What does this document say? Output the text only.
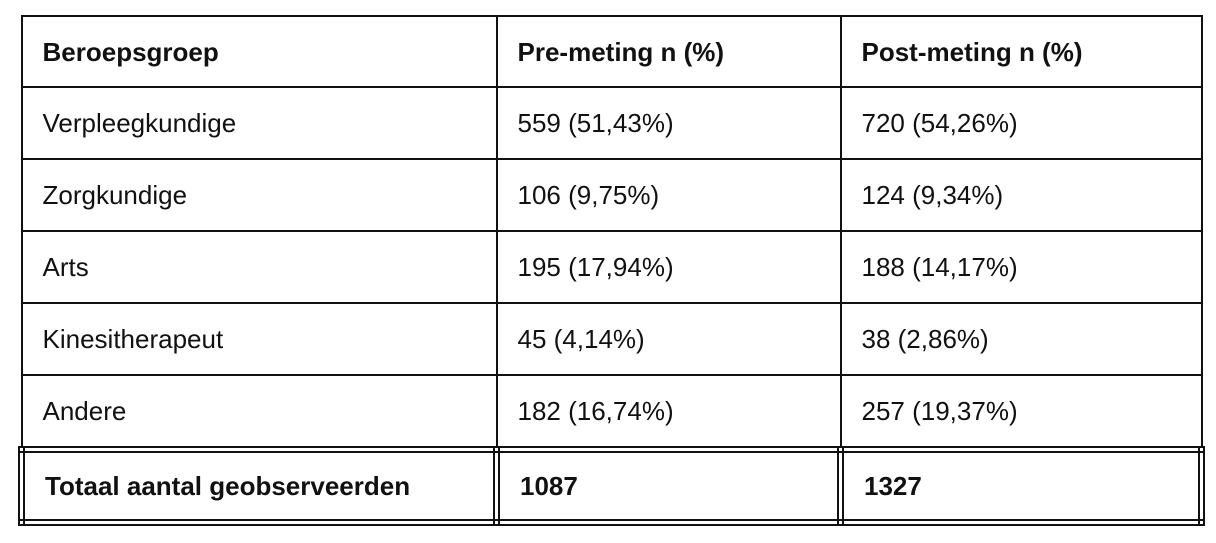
Beroepsgroep	Pre-meting n (%)	Post-meting n (%)
Verpleegkundige	559 (51,43%)	720 (54,26%)
Zorgkundige	106 (9,75%)	124 (9,34%)
Arts	195 (17,94%)	188 (14,17%)
Kinesitherapeut	45 (4,14%)	38 (2,86%)
Andere	182 (16,74%)	257 (19,37%)
Totaal aantal geobserveerden	1087	1327
